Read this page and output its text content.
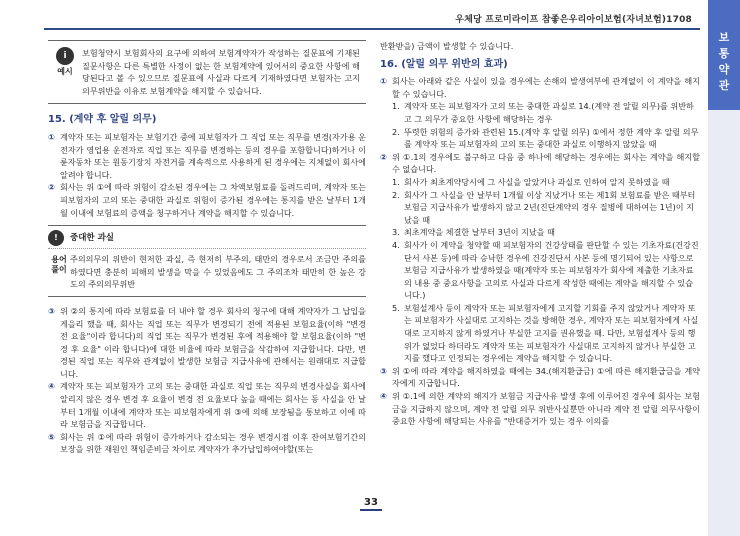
우체당 프로미라이프 참좋은우리아이보험(자녀보험)1708
보통약관
i
예시
보험청약시 보험회사의 요구에 의하여 보험계약자가 작성하는 질문표에 기재된 질문사항은 다른 특별한 사정이 없는 한 보험계약에 있어서의 중요한 사항에 해당된다고 볼 수 있으므로 질문표에 사실과 다르게 기재하였다면 보험자는 고지의무위반을 이유로 보험계약을 해지할 수 있습니다.
15. (계약 후 알릴 의무)
① 계약자 또는 피보험자는 보험기간 중에 피보험자가 그 직업 또는 직무를 변경(자가용 운전자가 영업용 운전자로 직업 또는 직무를 변경하는 등의 경우를 포함합니다)하거나 이륜자동차 또는 원동기장치 자전거를 계속적으로 사용하게 된 경우에는 지체없이 회사에 알려야 합니다.
② 회사는 위 ①에 따라 위험이 감소된 경우에는 그 차액보험료를 돌려드리며, 계약자 또는 피보험자의 고의 또는 중대한 과실로 위험이 증가된 경우에는 통지를 받은 날부터 1개월 이내에 보험료의 증액을 청구하거나 계약을 해지할 수 있습니다.
!	중대한 과실
용어풀이
주의의무의 위반이 현저한 과실, 즉 현저히 부주의, 태만의 경우로서 조금만 주의를 하였다면 충분히 피해의 발생을 막을 수 있었음에도 그 주의조차 태만히 한 높은 강도의 주의의무위반
③ 위 ②의 통지에 따라 보험료를 더 내야 할 경우 회사의 청구에 대해 계약자가 그 납입을 게을리 했을 때, 회사는 직업 또는 직무가 변경되기 전에 적용된 보험요율(이하 "변경 전 요율"이라 합니다)의 직업 또는 직무가 변경된 후에 적용해야 할 보험요율(이하 "변경 후 요율" 이라 합니다)에 대한 비율에 따라 보험금을 삭감하여 지급합니다. 다만, 변경된 직업 또는 직무와 관계없이 발생한 보험금 지급사유에 관해서는 원래대로 지급합니다.
④ 계약자 또는 피보험자가 고의 또는 중대한 과실로 직업 또는 직무의 변경사실을 회사에 알리지 않은 경우 변경 후 요율이 변경 전 요율보다 높을 때에는 회사는 동 사실을 안 날부터 1개월 이내에 계약자 또는 피보험자에게 위 ③에 의해 보장됨을 통보하고 이에 따라 보험금을 지급합니다.
⑤ 회사는 위 ①에 따라 위험이 증가하거나 감소되는 경우 변경시점 이후 잔여보험기간의 보장을 위한 재원인 책임준비금 차이로 계약자가 추가납입하여야할(또는
반환받을) 금액이 발생할 수 있습니다.
16. (알릴 의무 위반의 효과)
① 회사는 아래와 같은 사실이 있을 경우에는 손해의 발생여부에 관계없이 이 계약을 해지할 수 있습니다.
1. 계약자 또는 피보험자가 고의 또는 중대한 과실로 14.(계약 전 알릴 의무)를 위반하고 그 의무가 중요한 사항에 해당하는 경우
2. 뚜렷한 위험의 증가와 관련된 15.(계약 후 알릴 의무) ①에서 정한 계약 후 알릴 의무를 계약자 또는 피보험자의 고의 또는 중대한 과실로 이행하지 않았을 때
② 위 ①.1의 경우에도 불구하고 다음 중 하나에 해당하는 경우에는 회사는 계약을 해지할 수 없습니다.
1. 회사가 최초계약당시에 그 사실을 알았거나 과실로 인하여 알지 못하였을 때
2. 회사가 그 사실을 안 날부터 1개월 이상 지났거나 또는 제1회 보험료를 받은 때부터 보험금 지급사유가 발생하지 않고 2년(진단계약의 경우 질병에 대하여는 1년)이 지났을 때
3. 최초계약을 체결한 날부터 3년이 지났을 때
4. 회사가 이 계약을 청약할 때 피보험자의 건강상태를 판단할 수 있는 기초자료(건강진단서 사본 등)에 따라 승낙한 경우에 건강진단서 사본 등에 명기되어 있는 사항으로 보험금 지급사유가 발생하였을 때(계약자 또는 피보험자가 회사에 제출한 기초자료의 내용 중 중요사항을 고의로 사실과 다르게 작성한 때에는 계약을 해지할 수 있습니다.)
5. 보험설계사 등이 계약자 또는 피보험자에게 고지할 기회를 주지 않았거나 계약자 또는 피보험자가 사실대로 고지하는 것을 방해한 경우, 계약자 또는 피보험자에게 사실대로 고지하지 않게 하였거나 부실한 고지를 권유했을 때. 다만, 보험설계사 등의 행위가 없었다 하더라도 계약자 또는 피보험자가 사실대로 고지하지 않거나 부실한 고지를 했다고 인정되는 경우에는 계약을 해지할 수 있습니다.
③ 위 ①에 따라 계약을 해지하였을 때에는 34.(해지환급금) ①에 따른 해지환급금을 계약자에게 지급합니다.
④ 위 ①.1에 의한 계약의 해지가 보험금 지급사유 발생 후에 이루어진 경우에 회사는 보험금을 지급하지 않으며, 계약 전 알릴 의무 위반사실뿐만 아니라 계약 전 알릴 의무사항이 중요한 사항에 해당되는 사유를 "반대증거가 있는 경우 이의를
33
